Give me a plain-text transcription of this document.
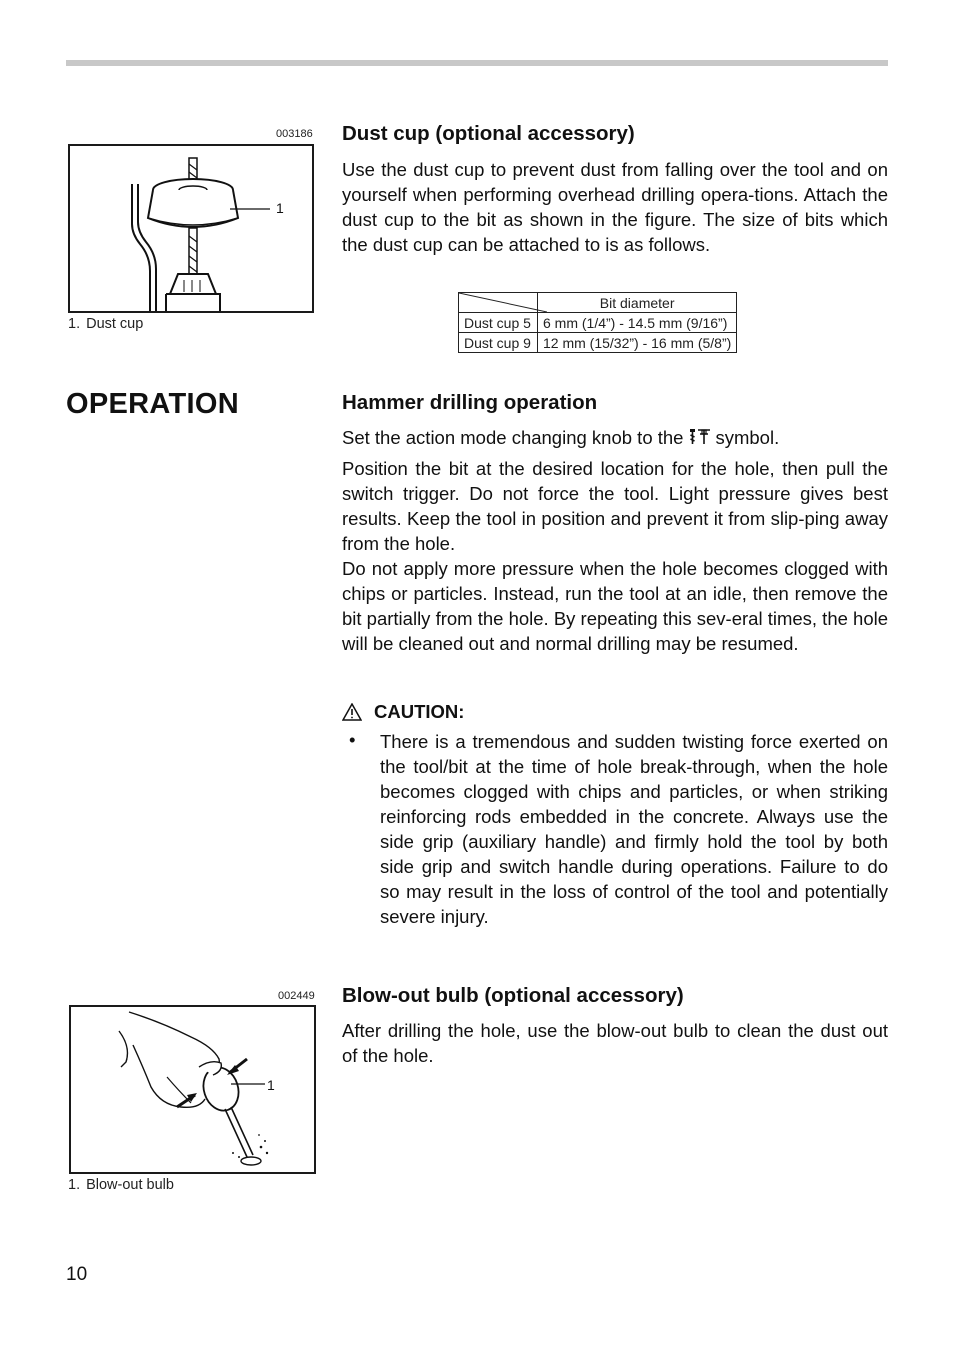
003186
1
1. Dust cup
Dust cup (optional accessory)

Use the dust cup to prevent dust from falling over the tool and on yourself when performing overhead drilling opera-tions. Attach the dust cup to the bit as shown in the figure. The size of bits which the dust cup can be attached to is as follows.

	Bit diameter
Dust cup 5	6 mm (1/4”) - 14.5 mm (9/16”)
Dust cup 9	12 mm (15/32”) - 16 mm (5/8”)
OPERATION	Hammer drilling operation

Set the action mode changing knob to the symbol.

Position the bit at the desired location for the hole, then pull the switch trigger. Do not force the tool. Light pressure gives best results. Keep the tool in position and prevent it from slip-ping away from the hole.

Do not apply more pressure when the hole becomes clogged with chips or particles. Instead, run the tool at an idle, then remove the bit partially from the hole. By repeating this sev-eral times, the hole will be cleaned out and normal drilling may be resumed.

CAUTION:
• There is a tremendous and sudden twisting force exerted on the tool/bit at the time of hole break-through, when the hole becomes clogged with chips and particles, or when striking reinforcing rods embedded in the concrete. Always use the side grip (auxiliary handle) and firmly hold the tool by both side grip and switch handle during operations. Failure to do so may result in the loss of control of the tool and potentially severe injury.

002449
1
1. Blow-out bulb
Blow-out bulb (optional accessory)

After drilling the hole, use the blow-out bulb to clean the dust out of the hole.

10
